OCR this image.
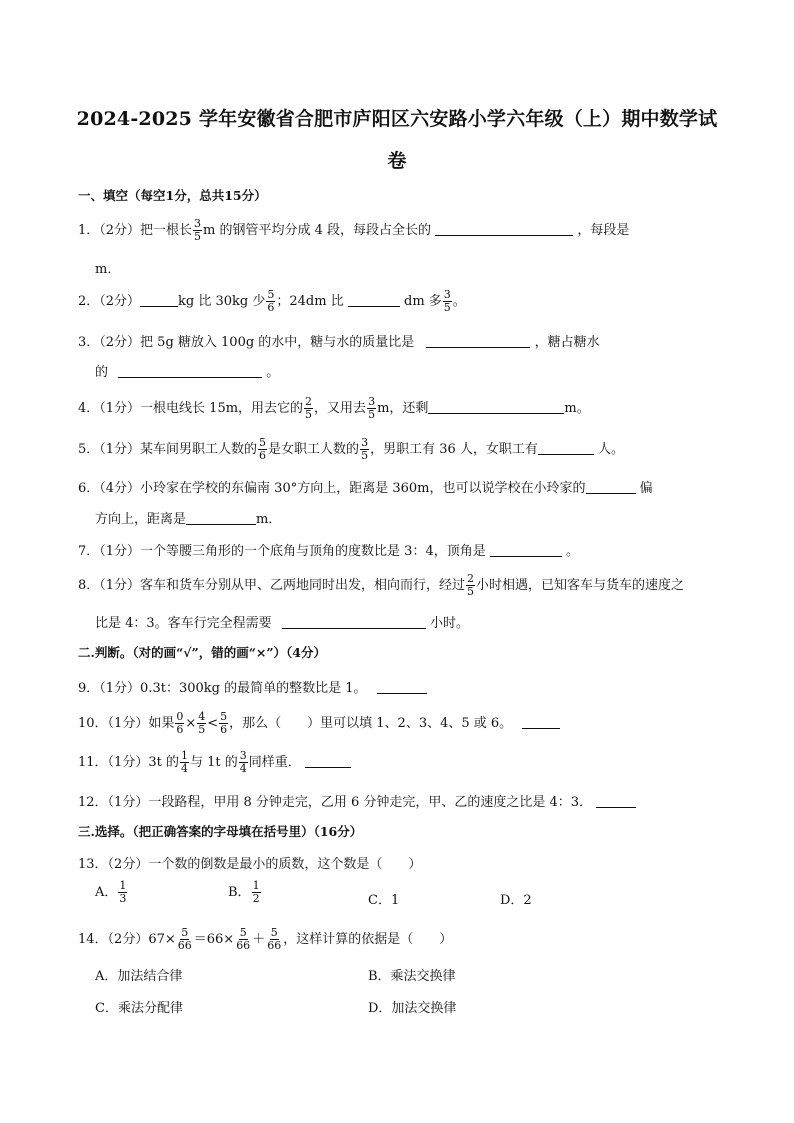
2024-2025 学年安徽省合肥市庐阳区六安路小学六年级（上）期中数学试
卷
一、填空（每空1分，总共15分）
1．（2分）把一根长 $\frac{3}{5}$ m 的钢管平均分成 4 段，每段占全长的	，每段是
m．
2．（2分）	kg 比 30kg 少 $\frac{5}{6}$ ；24dm 比	dm 多 $\frac{3}{5}$ 。
3．（2分）把 5g 糖放入 100g 的水中，糖与水的质量比是	，糖占糖水
的	。
4．（1分）一根电线长 15m，用去它的 $\frac{2}{5}$ ，又用去 $\frac{3}{5}$ m，还剩	m。
5．（1分）某车间男职工人数的 $\frac{5}{6}$ 是女职工人数的 $\frac{3}{5}$ ，男职工有 36 人，女职工有	人。
6．（4分）小玲家在学校的东偏南 30°方向上，距离是 360m，也可以说学校在小玲家的	偏
方向上，距离是	m．
7．（1分）一个等腰三角形的一个底角与顶角的度数比是 3：4，顶角是	。
8．（1分）客车和货车分别从甲、乙两地同时出发，相向而行，经过 $\frac{2}{5}$ 小时相遇，已知客车与货车的速度之
比是 4：3。客车行完全程需要	小时。
二.判断。（对的画“√”，错的画“×”）（4分）
9．（1分）0.3t：300kg 的最简单的整数比是 1。
10．（1分）如果 $\frac{0}{6} \times \frac{4}{5} < \frac{5}{6}$ ，那么（　　）里可以填 1、2、3、4、5 或 6。
11．（1分）3t 的 $\frac{1}{4}$ 与 1t 的 $\frac{3}{4}$ 同样重．
12．（1分）一段路程，甲用 8 分钟走完，乙用 6 分钟走完，甲、乙的速度之比是 4：3．
三.选择。（把正确答案的字母填在括号里）（16分）
13．（2分）一个数的倒数是最小的质数，这个数是（　　）
A． $\frac{1}{3}$	B． $\frac{1}{2}$	C．1	D．2
14．（2分）$67\times \frac{5}{66} =66\times \frac{5}{66} + \frac{5}{66}$ ，这样计算的依据是（　　）
A．加法结合律	B．乘法交换律
C．乘法分配律	D．加法交换律
